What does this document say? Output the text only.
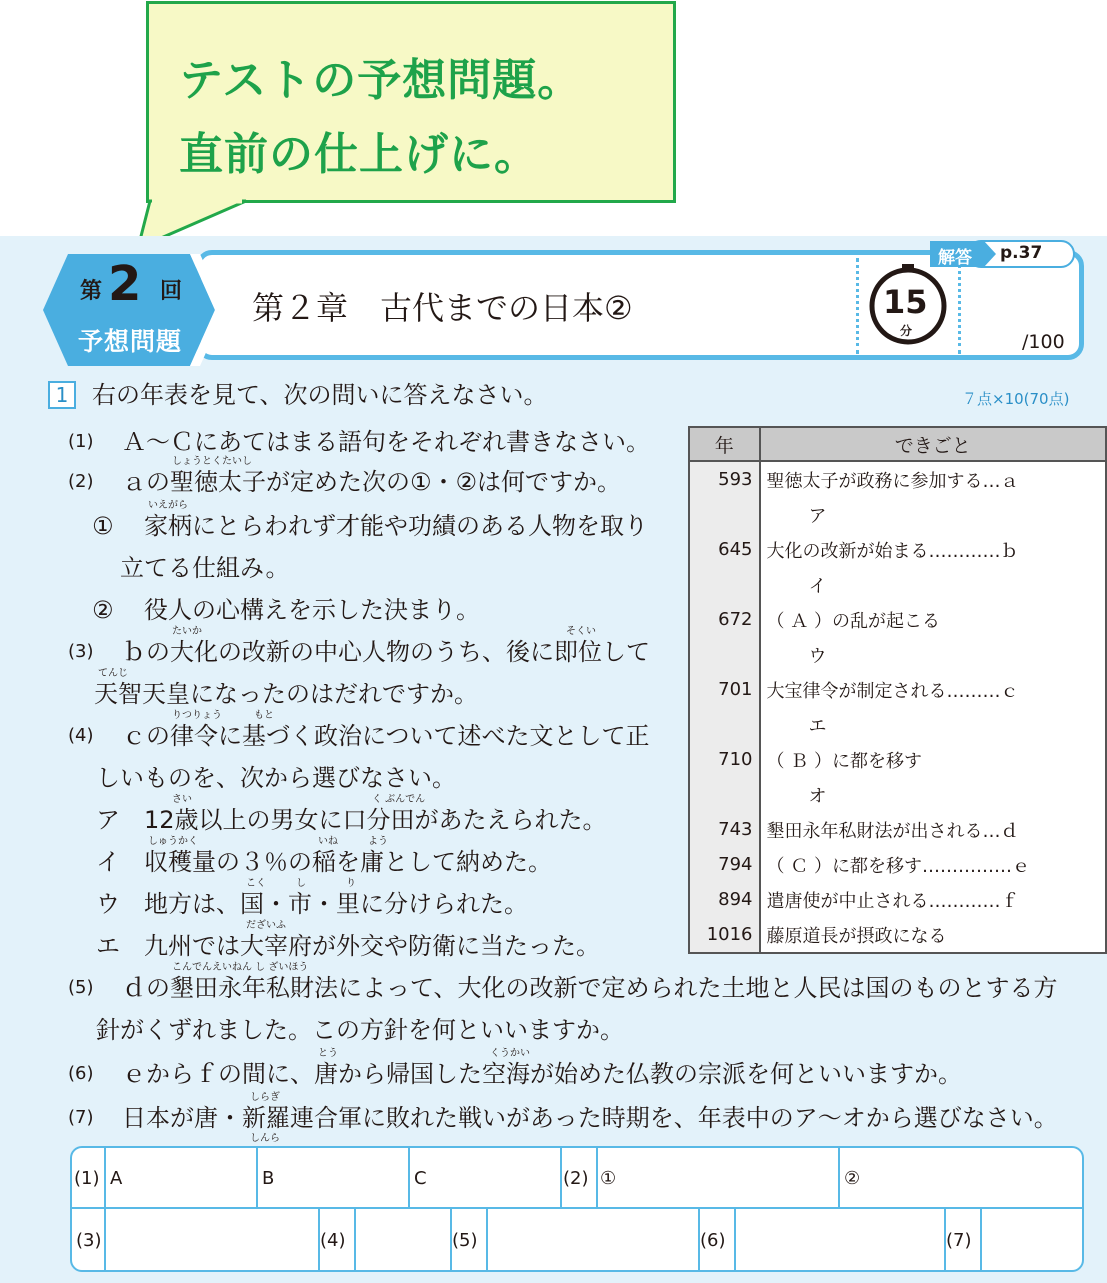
テストの予想問題。
直前の仕上げに。
第 2 回
予想問題
第２章　古代までの日本②	15
分	/100
解答 p.37
1 右の年表を見て、次の問いに答えなさい。	７点×10(70点)
(1) Ａ～Ｃにあてはまる語句をそれぞれ書きなさい。
しょうとくたいし
(2) ａの聖徳太子が定めた次の①・②は何ですか。
いえがら
① 家柄にとらわれず才能や功績のある人物を取り
立てる仕組み。
② 役人の心構えを示した決まり。
たいか	そくい
(3) ｂの大化の改新の中心人物のうち、後に即位して
てんじ
天智天皇になったのはだれですか。
りつりょう	もと
(4) ｃの律令に基づく政治について述べた文として正
しいものを、次から選びなさい。
さい	く ぶんでん
ア 12歳以上の男女に口分田があたえられた。
しゅうかく	いね	よう
イ 収穫量の３％の稲を庸として納めた。
こく	し	り
ウ 地方は、国・市・里に分けられた。
だざいふ
エ 九州では大宰府が外交や防衛に当たった。
こんでんえいねん し ざいほう
(5) ｄの墾田永年私財法によって、大化の改新で定められた土地と人民は国のものとする方
針がくずれました。この方針を何といいますか。
とう	くうかい
(6) ｅからｆの間に、唐から帰国した空海が始めた仏教の宗派を何といいますか。
しらぎ
(7) 日本が唐・新羅連合軍に敗れた戦いがあった時期を、年表中のア～オから選びなさい。
しんら
年	できごと
593	聖徳太子が政務に参加する…ａ
	ア
645	大化の改新が始まる…………ｂ
	イ
672	（ Ａ ）の乱が起こる
	ウ
701	大宝律令が制定される………ｃ
	エ
710	（ Ｂ ）に都を移す
	オ
743	墾田永年私財法が出される…ｄ
794	（ Ｃ ）に都を移す……………ｅ
894	遣唐使が中止される…………ｆ
1016	藤原道長が摂政になる
(1) A	B	C	(2) ①	②
(3)	(4)	(5)	(6)	(7)
